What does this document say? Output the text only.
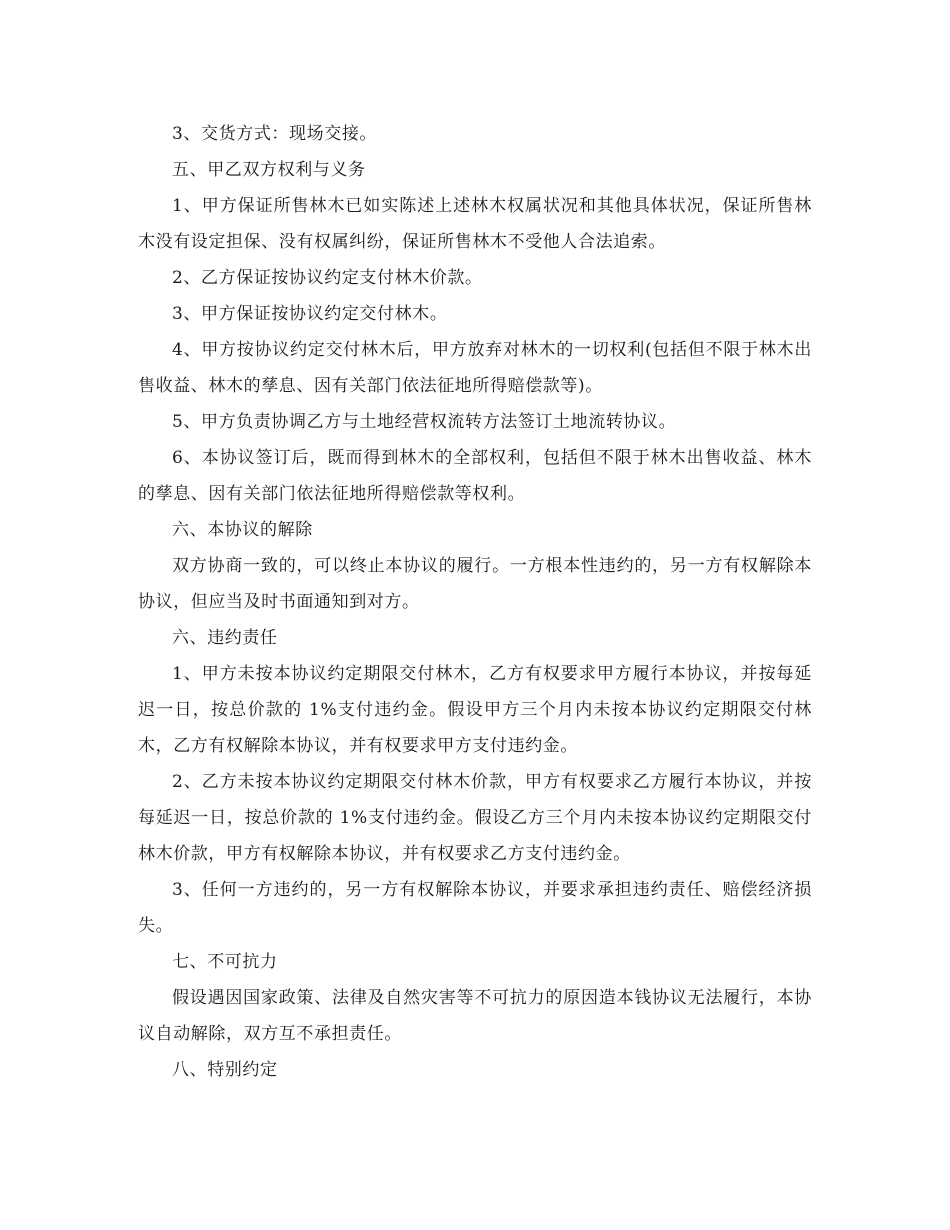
3、交货方式：现场交接。

五、甲乙双方权利与义务

1、甲方保证所售林木已如实陈述上述林木权属状况和其他具体状况，保证所售林木没有设定担保、没有权属纠纷，保证所售林木不受他人合法追索。

2、乙方保证按协议约定支付林木价款。

3、甲方保证按协议约定交付林木。

4、甲方按协议约定交付林木后，甲方放弃对林木的一切权利(包括但不限于林木出售收益、林木的孳息、因有关部门依法征地所得赔偿款等)。

5、甲方负责协调乙方与土地经营权流转方法签订土地流转协议。

6、本协议签订后，既而得到林木的全部权利，包括但不限于林木出售收益、林木的孳息、因有关部门依法征地所得赔偿款等权利。

六、本协议的解除

双方协商一致的，可以终止本协议的履行。一方根本性违约的，另一方有权解除本协议，但应当及时书面通知到对方。

六、违约责任

1、甲方未按本协议约定期限交付林木，乙方有权要求甲方履行本协议，并按每延迟一日，按总价款的 1%支付违约金。假设甲方三个月内未按本协议约定期限交付林木，乙方有权解除本协议，并有权要求甲方支付违约金。

2、乙方未按本协议约定期限交付林木价款，甲方有权要求乙方履行本协议，并按每延迟一日，按总价款的 1%支付违约金。假设乙方三个月内未按本协议约定期限交付林木价款，甲方有权解除本协议，并有权要求乙方支付违约金。

3、任何一方违约的，另一方有权解除本协议，并要求承担违约责任、赔偿经济损失。

七、不可抗力

假设遇因国家政策、法律及自然灾害等不可抗力的原因造本钱协议无法履行，本协议自动解除，双方互不承担责任。

八、特别约定
